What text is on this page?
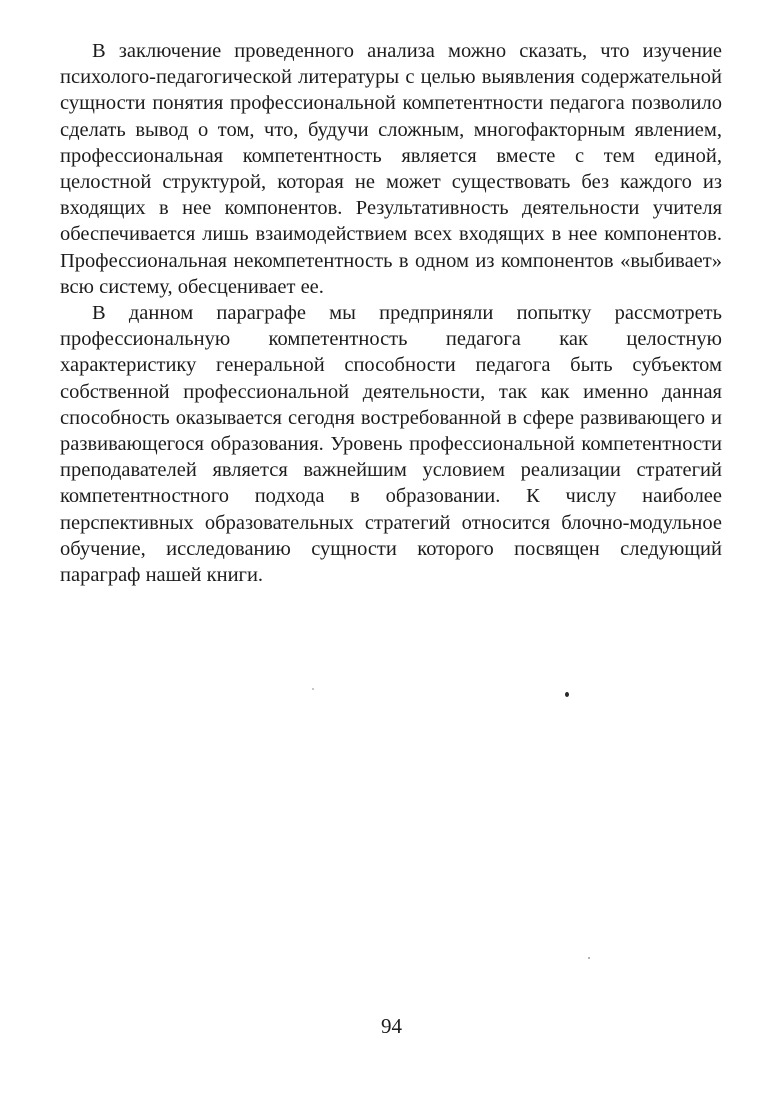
В заключение проведенного анализа можно сказать, что изучение психолого-педагогической литературы с целью выявления содержательной сущности понятия профессиональной компетентности педагога позволило сделать вывод о том, что, будучи сложным, многофакторным явлением, профессиональная компетентность является вместе с тем единой, целостной структурой, которая не может существовать без каждого из входящих в нее компонентов. Результативность деятельности учителя обеспечивается лишь взаимодействием всех входящих в нее компонентов. Профессиональная некомпетентность в одном из компонентов «выбивает» всю систему, обесценивает ее.

В данном параграфе мы предприняли попытку рассмотреть профессиональную компетентность педагога как целостную характеристику генеральной способности педагога быть субъектом собственной профессиональной деятельности, так как именно данная способность оказывается сегодня востребованной в сфере развивающего и развивающегося образования. Уровень профессиональной компетентности преподавателей является важнейшим условием реализации стратегий компетентностного подхода в образовании. К числу наиболее перспективных образовательных стратегий относится блочно-модульное обучение, исследованию сущности которого посвящен следующий параграф нашей книги.

94
